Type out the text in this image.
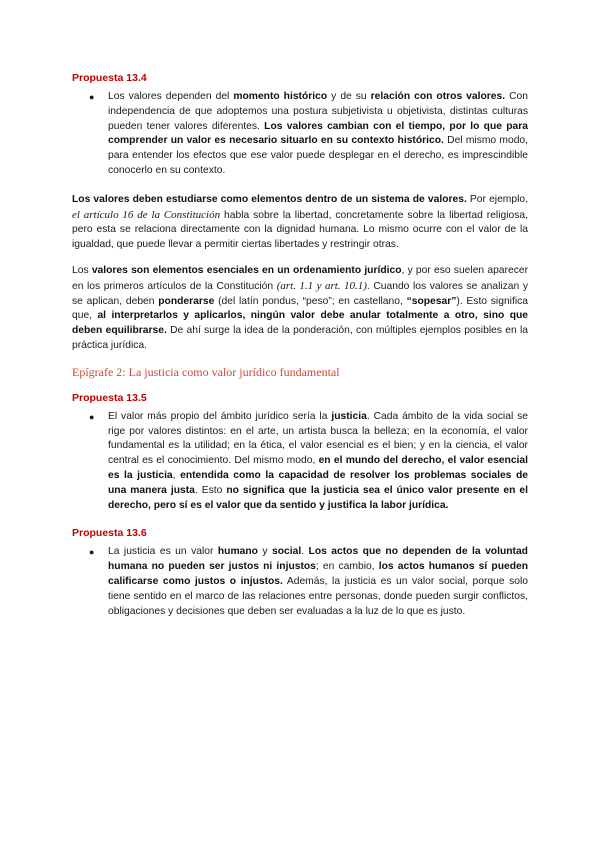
Propuesta 13.4

● Los valores dependen del momento histórico y de su relación con otros valores. Con independencia de que adoptemos una postura subjetivista u objetivista, distintas culturas pueden tener valores diferentes. Los valores cambian con el tiempo, por lo que para comprender un valor es necesario situarlo en su contexto histórico. Del mismo modo, para entender los efectos que ese valor puede desplegar en el derecho, es imprescindible conocerlo en su contexto.

Los valores deben estudiarse como elementos dentro de un sistema de valores. Por ejemplo, el artículo 16 de la Constitución habla sobre la libertad, concretamente sobre la libertad religiosa, pero esta se relaciona directamente con la dignidad humana. Lo mismo ocurre con el valor de la igualdad, que puede llevar a permitir ciertas libertades y restringir otras.

Los valores son elementos esenciales en un ordenamiento jurídico, y por eso suelen aparecer en los primeros artículos de la Constitución (art. 1.1 y art. 10.1). Cuando los valores se analizan y se aplican, deben ponderarse (del latín pondus, “peso”; en castellano, “sopesar”). Esto significa que, al interpretarlos y aplicarlos, ningún valor debe anular totalmente a otro, sino que deben equilibrarse. De ahí surge la idea de la ponderación, con múltiples ejemplos posibles en la práctica jurídica.

Epígrafe 2: La justicia como valor jurídico fundamental

Propuesta 13.5

● El valor más propio del ámbito jurídico sería la justicia. Cada ámbito de la vida social se rige por valores distintos: en el arte, un artista busca la belleza; en la economía, el valor fundamental es la utilidad; en la ética, el valor esencial es el bien; y en la ciencia, el valor central es el conocimiento. Del mismo modo, en el mundo del derecho, el valor esencial es la justicia, entendida como la capacidad de resolver los problemas sociales de una manera justa. Esto no significa que la justicia sea el único valor presente en el derecho, pero sí es el valor que da sentido y justifica la labor jurídica.

Propuesta 13.6

● La justicia es un valor humano y social. Los actos que no dependen de la voluntad humana no pueden ser justos ni injustos; en cambio, los actos humanos sí pueden calificarse como justos o injustos. Además, la justicia es un valor social, porque solo tiene sentido en el marco de las relaciones entre personas, donde pueden surgir conflictos, obligaciones y decisiones que deben ser evaluadas a la luz de lo que es justo.
